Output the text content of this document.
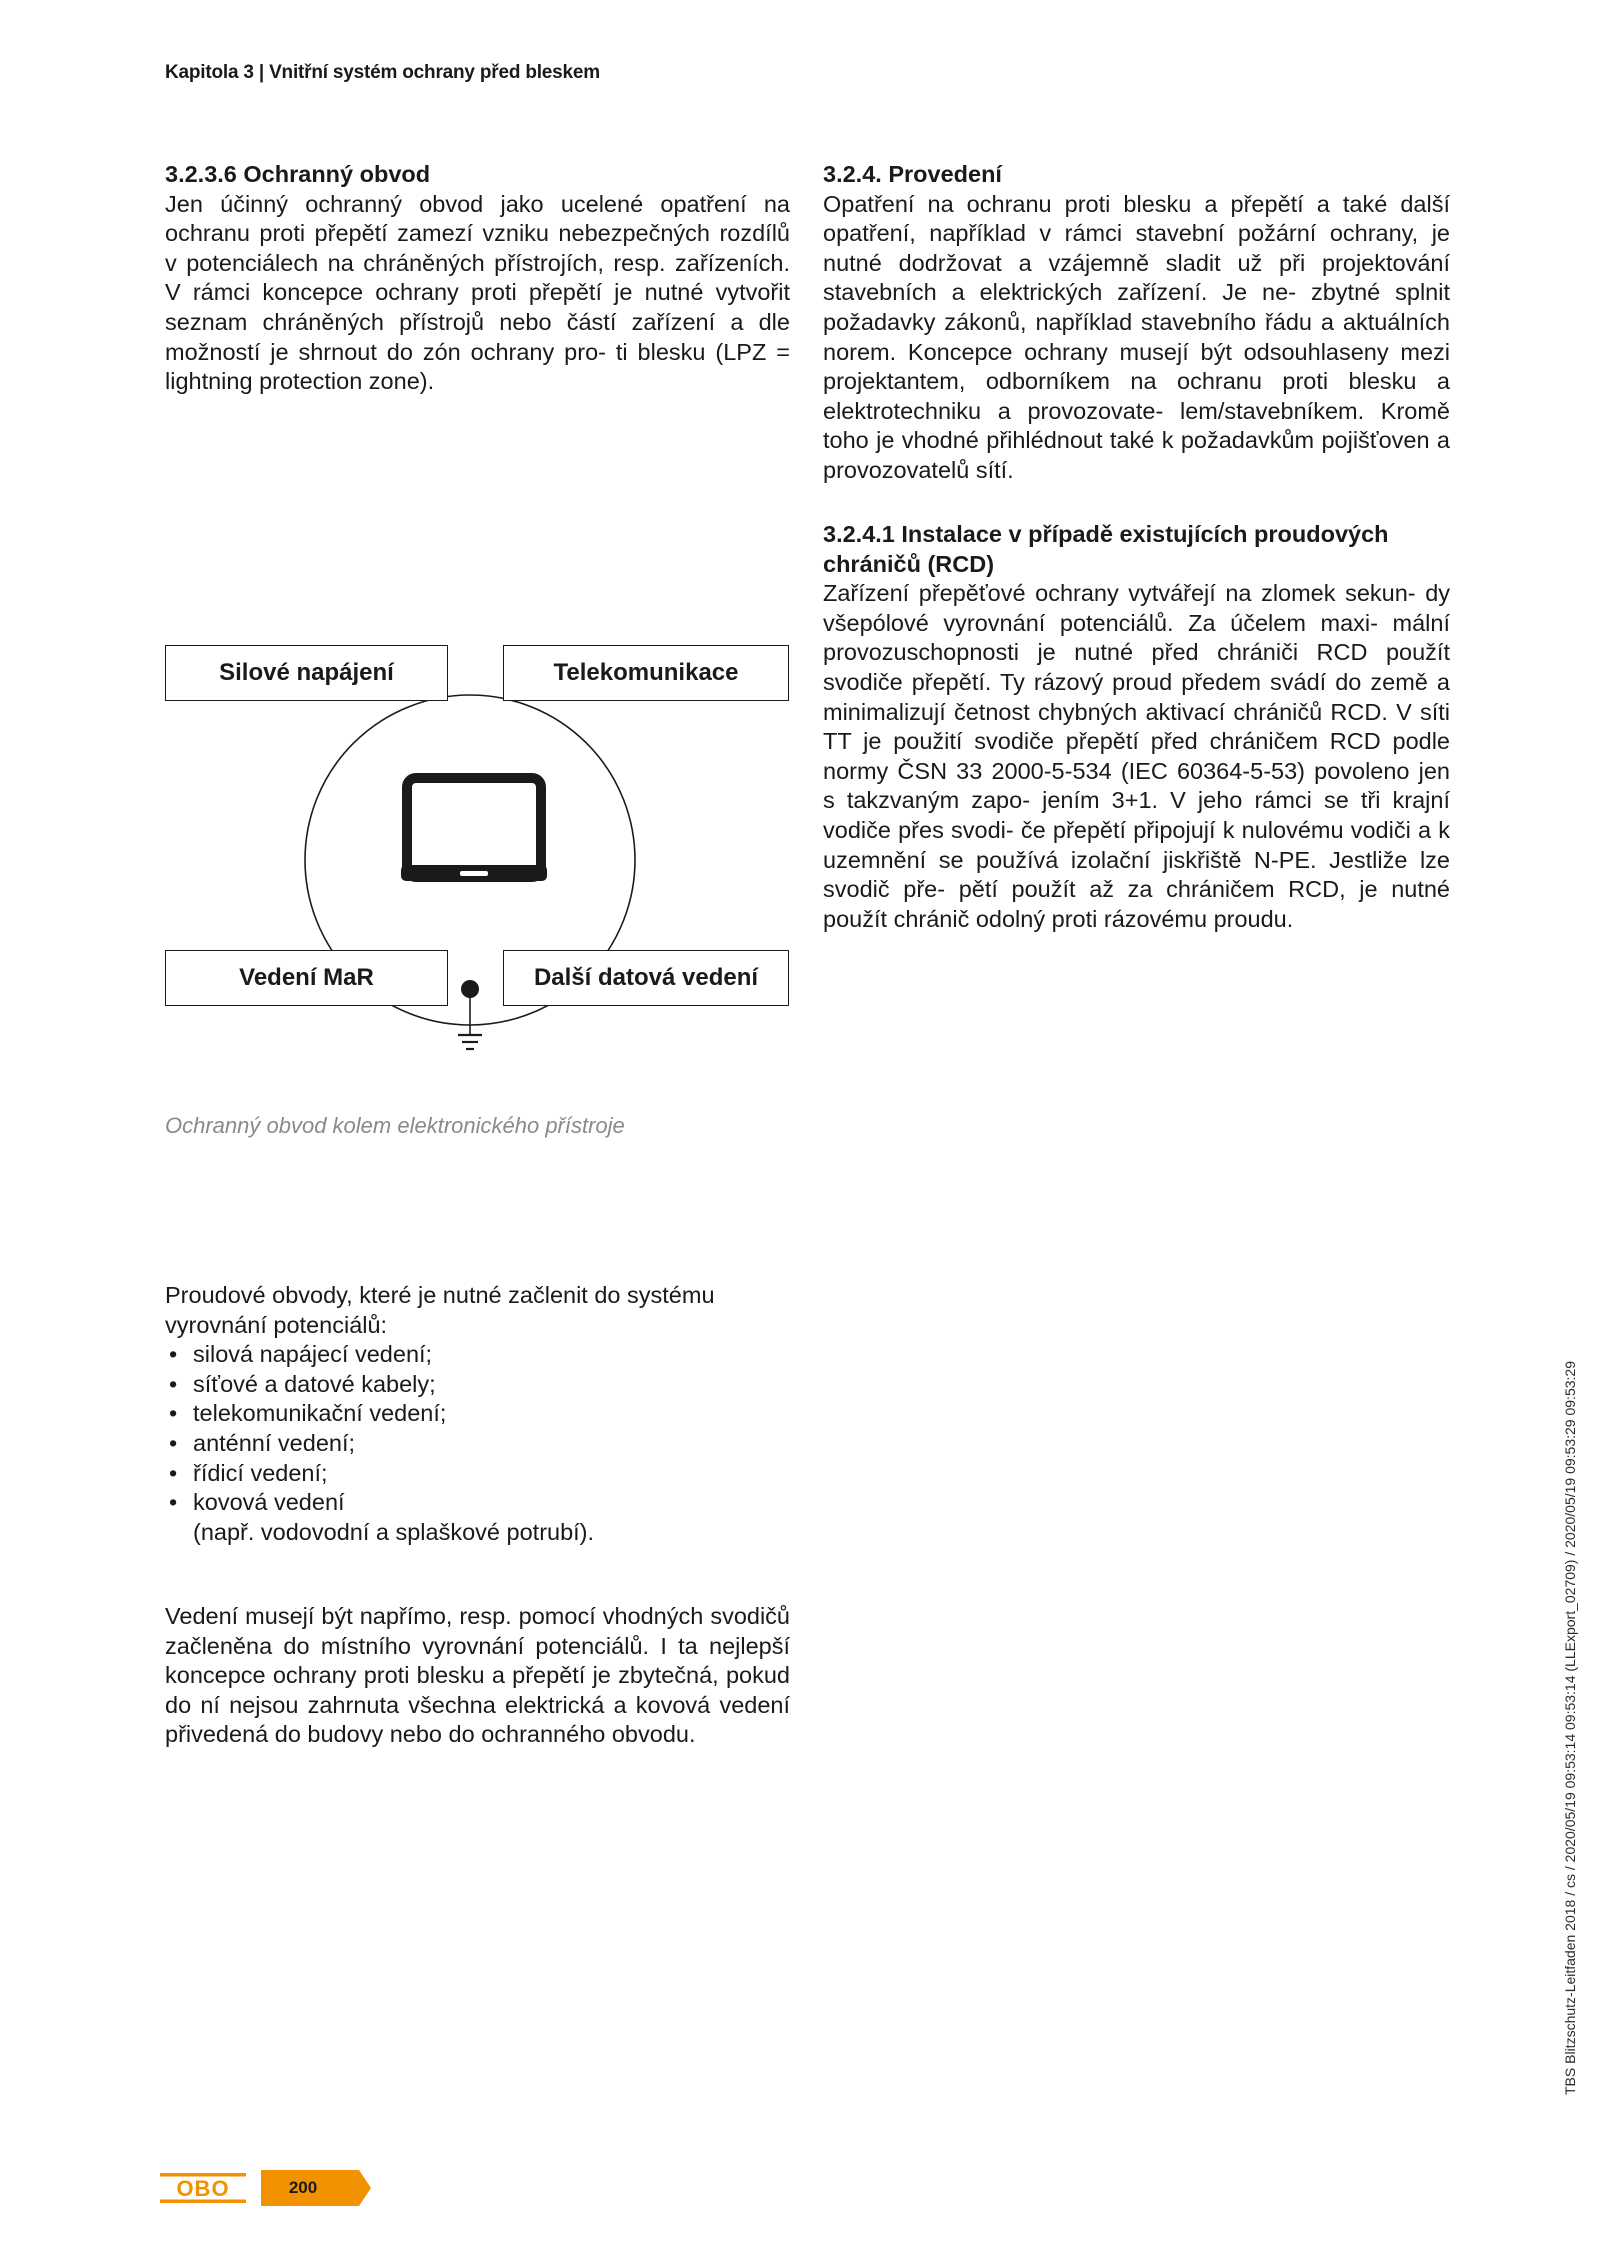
Kapitola 3 | Vnitřní systém ochrany před bleskem
3.2.3.6 Ochranný obvod

Jen účinný ochranný obvod jako ucelené opatření na ochranu proti přepětí zamezí vzniku nebezpečných rozdílů v potenciálech na chráněných přístrojích, resp. zařízeních. V rámci koncepce ochrany proti přepětí je nutné vytvořit seznam chráněných přístrojů nebo částí zařízení a dle možností je shrnout do zón ochrany pro- ti blesku (LPZ = lightning protection zone).

Silové napájení	Telekomunikace
Vedení MaR	Další datová vedení
Ochranný obvod kolem elektronického přístroje

Proudové obvody, které je nutné začlenit do systému
vyrovnání potenciálů:

• silová napájecí vedení;
• síťové a datové kabely;
• telekomunikační vedení;
• anténní vedení;
• řídicí vedení;
• kovová vedení
(např. vodovodní a splaškové potrubí).

Vedení musejí být napřímo, resp. pomocí vhodných svodičů začleněna do místního vyrovnání potenciálů. I ta nejlepší koncepce ochrany proti blesku a přepětí je zbytečná, pokud do ní nejsou zahrnuta všechna elektrická a kovová vedení přivedená do budovy nebo do ochranného obvodu.

3.2.4. Provedení

Opatření na ochranu proti blesku a přepětí a také další opatření, například v rámci stavební požární ochrany, je nutné dodržovat a vzájemně sladit už při projektování stavebních a elektrických zařízení. Je ne- zbytné splnit požadavky zákonů, například stavebního řádu a aktuálních norem. Koncepce ochrany musejí být odsouhlaseny mezi projektantem, odborníkem na ochranu proti blesku a elektrotechniku a provozovate- lem/stavebníkem. Kromě toho je vhodné přihlédnout také k požadavkům pojišťoven a provozovatelů sítí.

3.2.4.1 Instalace v případě existujících proudových
chráničů (RCD)

Zařízení přepěťové ochrany vytvářejí na zlomek sekun- dy všepólové vyrovnání potenciálů. Za účelem maxi- mální provozuschopnosti je nutné před chrániči RCD použít svodiče přepětí. Ty rázový proud předem svádí do země a minimalizují četnost chybných aktivací chráničů RCD. V síti TT je použití svodiče přepětí před chráničem RCD podle normy ČSN 33 2000-5-534 (IEC 60364-5-53) povoleno jen s takzvaným zapo- jením 3+1. V jeho rámci se tři krajní vodiče přes svodi- če přepětí připojují k nulovému vodiči a k uzemnění se používá izolační jiskřiště N-PE. Jestliže lze svodič pře- pětí použít až za chráničem RCD, je nutné použít chránič odolný proti rázovému proudu.

TBS Blitzschutz-Leitfaden 2018 / cs / 2020/05/19 09:53:14 09:53:14 (LLExport_02709) / 2020/05/19 09:53:29 09:53:29
OBO	200
